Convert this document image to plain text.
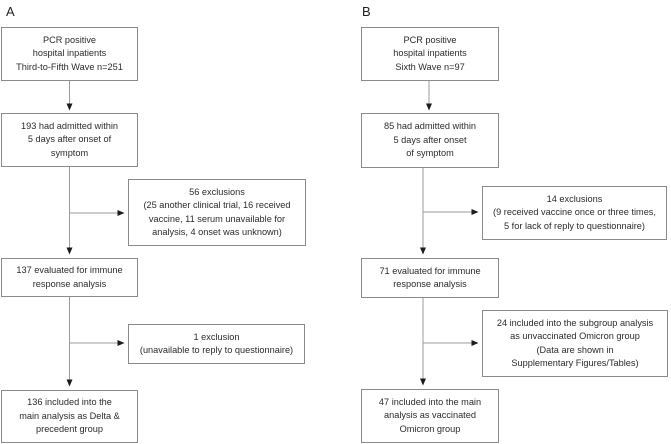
A
PCR positive
hospital inpatients
Third-to-Fifth Wave n=251
193 had admitted within
5 days after onset of
symptom
56 exclusions
(25 another clinical trial, 16 received
vaccine, 11 serum unavailable for
analysis, 4 onset was unknown)
137 evaluated for immune
response analysis
1 exclusion
(unavailable to reply to questionnaire)
136 included into the
main analysis as Delta &
precedent group
B
PCR positive
hospital inpatients
Sixth Wave n=97
85 had admitted within
5 days after onset
of symptom
14 exclusions
(9 received vaccine once or three times,
5 for lack of reply to questionnaire)
71 evaluated for immune
response analysis
24 included into the subgroup analysis
as unvaccinated Omicron group
(Data are shown in
Supplementary Figures/Tables)
47 included into the main
analysis as vaccinated
Omicron group
